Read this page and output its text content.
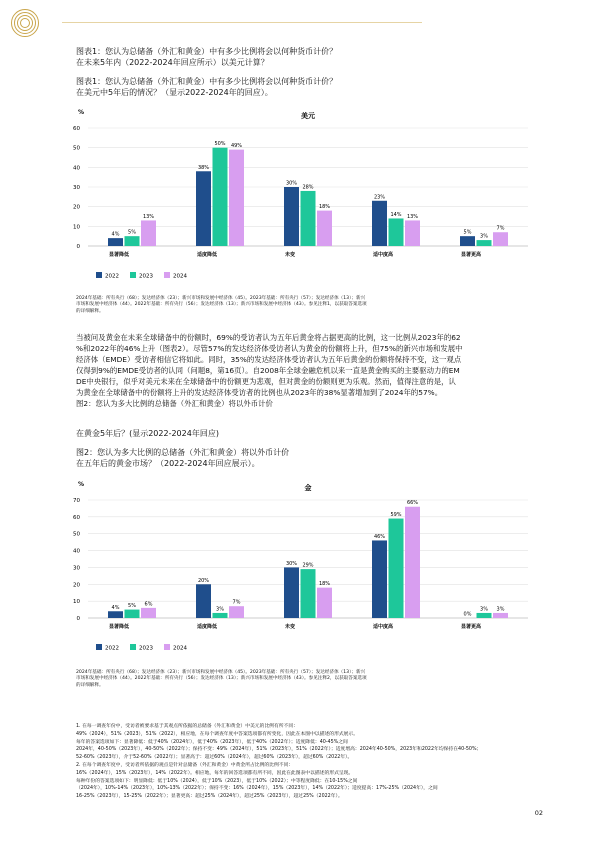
图表1：您认为总储备（外汇和黄金）中有多少比例将会以何种货币计价？
在未来5年内（2022-2024年回应所示）以美元计算？
图表1：您认为总储备（外汇和黄金）中有多少比例将会以何种货币计价？
在美元中5年后的情况？（显示2022-2024年的回应）。
%	美元
0
10
20
30
40
50
60
4% 5%
13%
显著降低
38%
50% 49%
适度降低
30%
28%
18%
未变
23%
14% 13%
适中度高
5%
3%
7%
显著更高
2022	2023	2024
2024年基础：所有央行（68）；发达经济体（23）；新兴市场和发展中经济体（45）。2023年基础：所有央行（57）；发达经济体（13）；新兴
市场和发展中经济体（44）。2022年基础：所有央行（56）；发达经济体（13）；新兴市场和发展中经济体（43）。参见注释1，以获取答案选项
的详细解释。
当被问及黄金在未来全球储备中的份额时，69%的受访者认为五年后黄金将占据更高的比例，这一比例从2023年的62
%和2022年的46%上升（图表2）。尽管57%的发达经济体受访者认为黄金的份额将上升，但75%的新兴市场和发展中
经济体（EMDE）受访者相信它将如此。同时，35%的发达经济体受访者认为五年后黄金的份额将保持不变，这一观点
仅得到9%的EMDE受访者的认同（问题8，第16页）。自2008年全球金融危机以来一直是黄金购买的主要驱动力的EM
DE中央银行，似乎对美元未来在全球储备中的份额更为悲观，但对黄金的份额则更为乐观。然而，值得注意的是，认
为黄金在全球储备中的份额将上升的发达经济体受访者的比例也从2023年的38%显著增加到了2024年的57%。
图2：您认为多大比例的总储备（外汇和黄金）将以外币计价
在黄金5年后？(显示2022-2024年回应)
图2：您认为多大比例的总储备（外汇和黄金）将以外币计价
在五年后的黄金市场？（2022-2024年回应展示）。
%	金
0
10
20
30
40
50
60
70
4% 5% 6%
显著降低
20%
3%
7%
适度降低
30% 29%
18%
未变
46%
59%
66%
适中度高
0%
3% 3%
显著更高
2022	2023	2024
2024年基础：所有央行（68）；发达经济体（23）；新兴市场和发展中经济体（45）。2023年基础：所有央行（57）；发达经济体（13）；新兴
市场和发展中经济体（44）。2022年基础：所有央行（56）；发达经济体（13）；新兴市场和发展中经济体（43）。参见注释2，以获取答案选项
的详细解释。
1. 在每一调查年份中，受访者被要求基于其观点所依据的总储备（外汇和黄金）中美元的比例有所不同：
49%（2024），51%（2023），51%（2022），相应地，在每个调查年度中答案选项都有所变化，因此在本图中以描述的形式展示。
每年的答案选项如下：显著降低：低于40%（2024年），低于40%（2023年），低于40%（2022年）；适度降低：40-45%之间
2024年，40-50%（2023年），40-50%（2022年）；保持不变：49%（2024年），51%（2023年），51%（2022年）；适度增高：2024年40-50%，2023年和2022年均保持在40-50%；
52-60%（2023年），介于52-60%（2022年）；显著高于：超过60%（2024年），超过60%（2023年），超过60%（2022年）。
2. 在每个调查年度中，受访者所依据的观点是针对总储备（外汇和黄金）中黄金所占比例的比例不同：
16%（2024年），15%（2023年），14%（2022年）。相应地，每年的回答选项都有所不同，因此在此图表中以描述的形式呈现。
每种年份的答案选项如下：明显降低：低于10%（2024），低于10%（2023），低于10%（2022）；中等程度降低：在10-15%之间
（2024年），10%-14%（2023年），10%-13%（2022年）；保持不变：16%（2024年），15%（2023年），14%（2022年）；适度提高：17%-25%（2024年），之间
16-25%（2023年），15-25%（2022年）；显著更高：超过25%（2024年），超过25%（2023年），超过25%（2022年）。
02
